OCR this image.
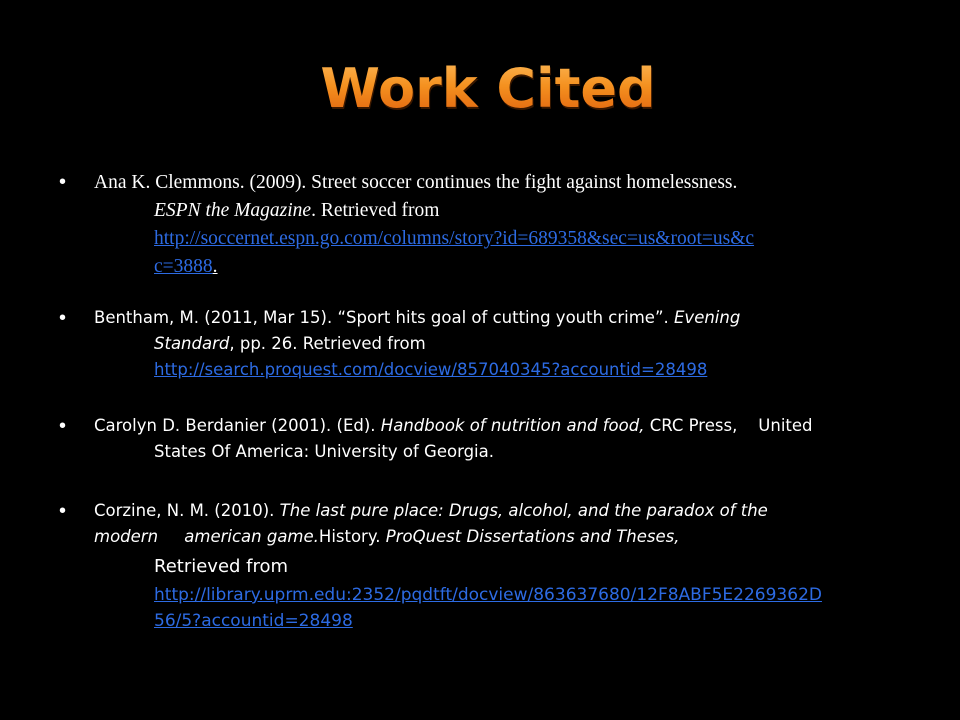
Work Cited
• Ana K. Clemmons. (2009). Street soccer continues the fight against homelessness.
ESPN the Magazine. Retrieved from
http://soccernet.espn.go.com/columns/story?id=689358&sec=us&root=us&c
c=3888.
• Bentham, M. (2011, Mar 15). “Sport hits goal of cutting youth crime”. Evening
Standard, pp. 26. Retrieved from
http://search.proquest.com/docview/857040345?accountid=28498
• Carolyn D. Berdanier (2001). (Ed). Handbook of nutrition and food, CRC Press,    United
States Of America: University of Georgia.
• Corzine, N. M. (2010). The last pure place: Drugs, alcohol, and the paradox of the
modern     american game.History. ProQuest Dissertations and Theses,
Retrieved from
http://library.uprm.edu:2352/pqdtft/docview/863637680/12F8ABF5E2269362D
56/5?accountid=28498
